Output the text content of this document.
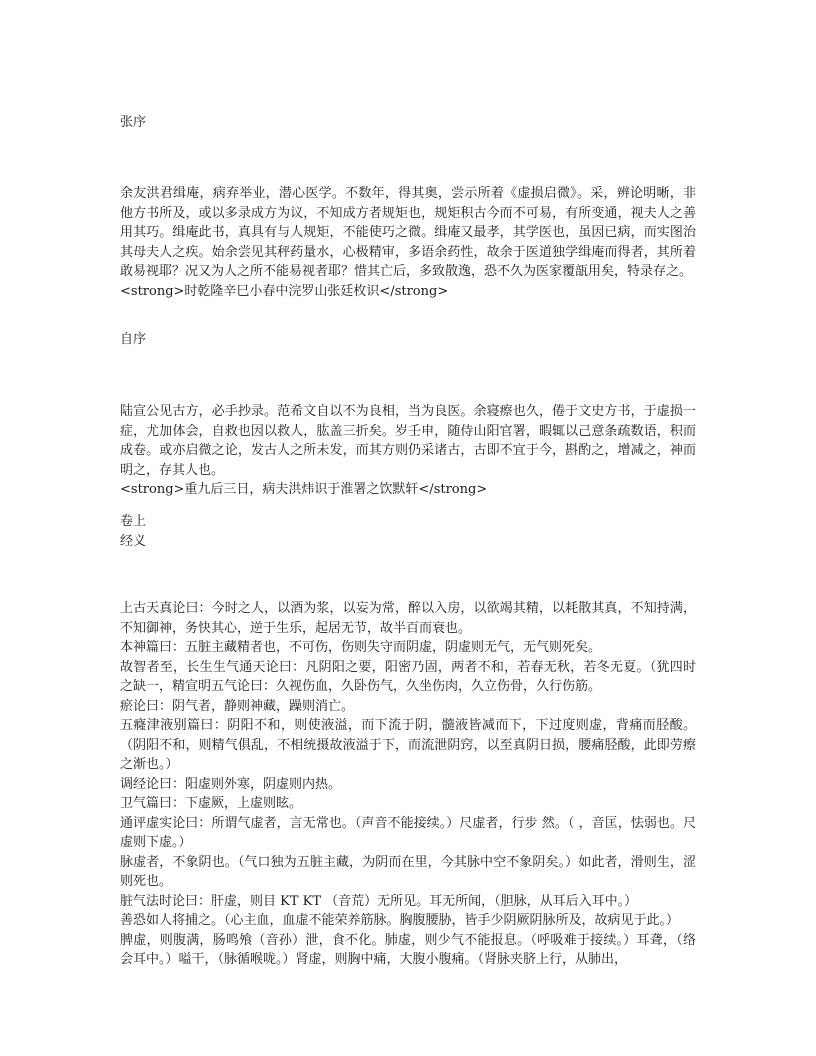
张序

余友洪君缉庵，病弃举业，潜心医学。不数年，得其奥，尝示所着《虚损启微》。采，辨论明晰，非他方书所及，或以多录成方为议，不知成方者规矩也，规矩积古今而不可易，有所变通，视夫人之善用其巧。缉庵此书，真具有与人规矩，不能使巧之微。缉庵又最孝，其学医也，虽因已病，而实图治其母夫人之疾。始余尝见其秤药量水，心极精审，多语余药性，故余于医道独学缉庵而得者，其所着敢易视耶？况又为人之所不能易视者耶？惜其亡后，多致散逸，恐不久为医家覆瓿用矣，特录存之。

<strong>时乾隆辛巳小春中浣罗山张廷枚识</strong>

自序

陆宣公见古方，必手抄录。范希文自以不为良相，当为良医。余寝瘵也久，倦于文史方书，于虚损一症，尤加体会，自救也因以救人，肱盖三折矣。岁壬申，随侍山阳官署，暇辄以己意条疏数语，积而成卷。或亦启微之论，发古人之所未发，而其方则仍采诸古，古即不宜于今，斟酌之，增减之，神而明之，存其人也。

<strong>重九后三日，病夫洪炜识于淮署之饮默轩</strong>

卷上
经义

上古天真论曰：今时之人，以酒为浆，以妄为常，醉以入房，以欲竭其精，以耗散其真，不知持满，不知御神，务快其心，逆于生乐，起居无节，故半百而衰也。

本神篇曰：五脏主藏精者也，不可伤，伤则失守而阴虚，阴虚则无气，无气则死矣。

故智者至，长生生气通天论曰：凡阴阳之要，阳密乃固，两者不和，若春无秋，若冬无夏。（犹四时之缺一，精宣明五气论曰：久视伤血，久卧伤气，久坐伤肉，久立伤骨，久行伤筋。

瘀论曰：阴气者，静则神藏，躁则消亡。

五癃津液别篇曰：阴阳不和，则使液溢，而下流于阴，髓液皆减而下，下过度则虚，背痛而胫酸。（阴阳不和，则精气俱乱，不相统摄故液溢于下，而流泄阴窍，以至真阴日损，腰痛胫酸，此即劳瘵之渐也。）

调经论曰：阳虚则外寒，阴虚则内热。

卫气篇曰：下虚厥，上虚则眩。

通评虚实论曰：所谓气虚者，言无常也。（声音不能接续。）尺虚者，行步 然。（ ，音匡，怯弱也。尺虚则下虚。）

脉虚者，不象阴也。（气口独为五脏主藏，为阴而在里，今其脉中空不象阴矣。）如此者，滑则生，涩则死也。

脏气法时论曰：肝虚，则目 KT KT （音荒）无所见。耳无所闻，（胆脉，从耳后入耳中。）

善恐如人将捕之。（心主血，血虚不能荣养筋脉。胸腹腰胁，皆手少阴厥阴脉所及，故病见于此。）

脾虚，则腹满，肠鸣飧（音孙）泄，食不化。肺虚，则少气不能报息。（呼吸难于接续。）耳聋，（络会耳中。）嗌干，（脉循喉咙。）肾虚，则胸中痛，大腹小腹痛。（肾脉夹脐上行，从肺出，
